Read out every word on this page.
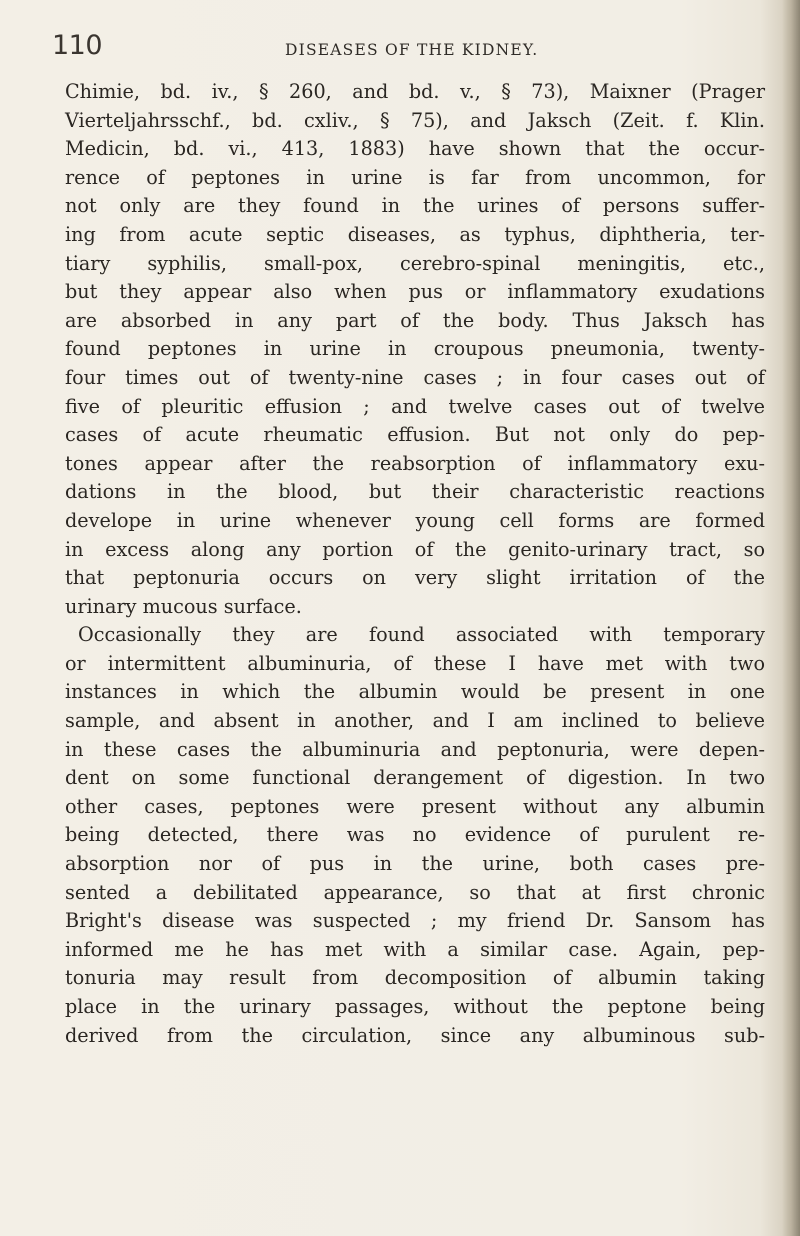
110	DISEASES OF THE KIDNEY.
Chimie, bd. iv., § 260, and bd. v., § 73), Maixner (Prager
Vierteljahrsschf., bd. cxliv., § 75), and Jaksch (Zeit. f. Klin.
Medicin, bd. vi., 413, 1883) have shown that the occur-
rence of peptones in urine is far from uncommon, for
not only are they found in the urines of persons suffer-
ing from acute septic diseases, as typhus, diphtheria, ter-
tiary syphilis, small-pox, cerebro-spinal meningitis, etc.,
but they appear also when pus or inflammatory exudations
are absorbed in any part of the body. Thus Jaksch has
found peptones in urine in croupous pneumonia, twenty-
four times out of twenty-nine cases ; in four cases out of
five of pleuritic effusion ; and twelve cases out of twelve
cases of acute rheumatic effusion. But not only do pep-
tones appear after the reabsorption of inflammatory exu-
dations in the blood, but their characteristic reactions
develope in urine whenever young cell forms are formed
in excess along any portion of the genito-urinary tract, so
that peptonuria occurs on very slight irritation of the
urinary mucous surface.
Occasionally they are found associated with temporary
or intermittent albuminuria, of these I have met with two
instances in which the albumin would be present in one
sample, and absent in another, and I am inclined to believe
in these cases the albuminuria and peptonuria, were depen-
dent on some functional derangement of digestion. In two
other cases, peptones were present without any albumin
being detected, there was no evidence of purulent re-
absorption nor of pus in the urine, both cases pre-
sented a debilitated appearance, so that at first chronic
Bright's disease was suspected ; my friend Dr. Sansom has
informed me he has met with a similar case. Again, pep-
tonuria may result from decomposition of albumin taking
place in the urinary passages, without the peptone being
derived from the circulation, since any albuminous sub-
